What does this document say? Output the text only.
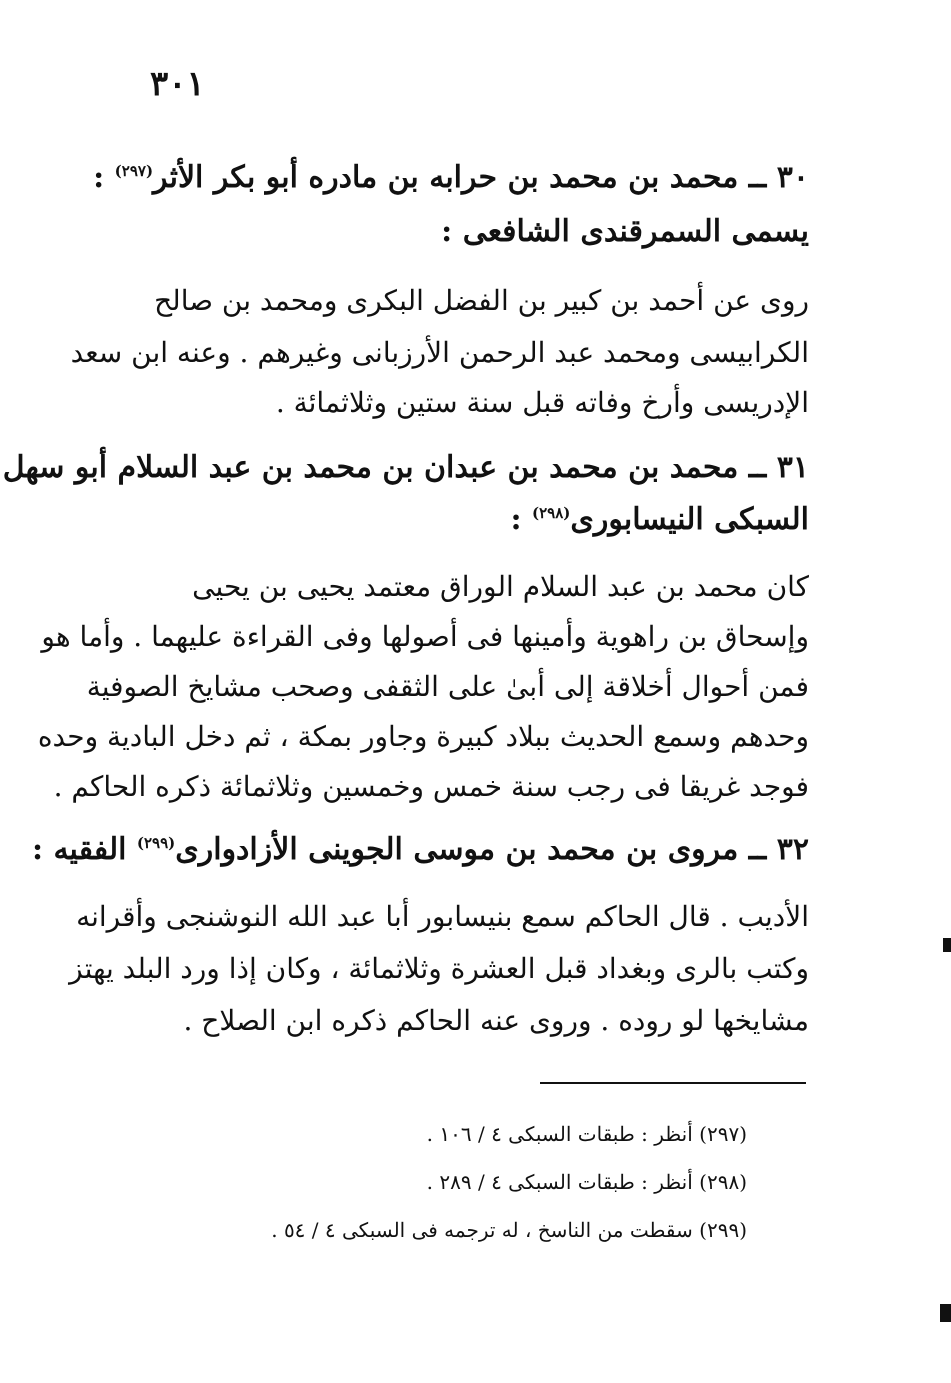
٣٠١
٣٠ ــ محمد بن محمد بن حرابه بن مادره أبو بكر الأثر$^{(٢٩٧)}$ :
يسمى السمرقندى الشافعى :
روى عن أحمد بن كبير بن الفضل البكرى ومحمد بن صالح
الكرابيسى ومحمد عبد الرحمن الأرزبانى وغيرهم . وعنه ابن سعد
الإدريسى وأرخ وفاته قبل سنة ستين وثلاثمائة .
٣١ ــ محمد بن محمد بن عبدان بن محمد بن عبد السلام أبو سهل
السبكى النيسابورى$^{(٢٩٨)}$ :
كان محمد بن عبد السلام الوراق معتمد يحيى بن يحيى
وإسحاق بن راهوية وأمينها فى أصولها وفى القراءة عليهما . وأما هو
فمن أحوال أخلاقة إلى أبىٰ على الثقفى وصحب مشايخ الصوفية
وحدهم وسمع الحديث ببلاد كبيرة وجاور بمكة ، ثم دخل البادية وحده
فوجد غريقا فى رجب سنة خمس وخمسين وثلاثمائة ذكره الحاكم .
٣٢ ــ مروى بن محمد بن موسى الجوينى الأزادوارى$^{(٢٩٩)}$ الفقيه :
الأديب . قال الحاكم سمع بنيسابور أبا عبد الله النوشنجى وأقرانه
وكتب بالرى وبغداد قبل العشرة وثلاثمائة ، وكان إذا ورد البلد يهتز
مشايخها لو روده . وروى عنه الحاكم ذكره ابن الصلاح .
(٢٩٧) أنظر : طبقات السبكى ٤ / ١٠٦ .
(٢٩٨) أنظر : طبقات السبكى ٤ / ٢٨٩ .
(٢٩٩) سقطت من الناسخ ، له ترجمه فى السبكى ٤ / ٥٤ .
